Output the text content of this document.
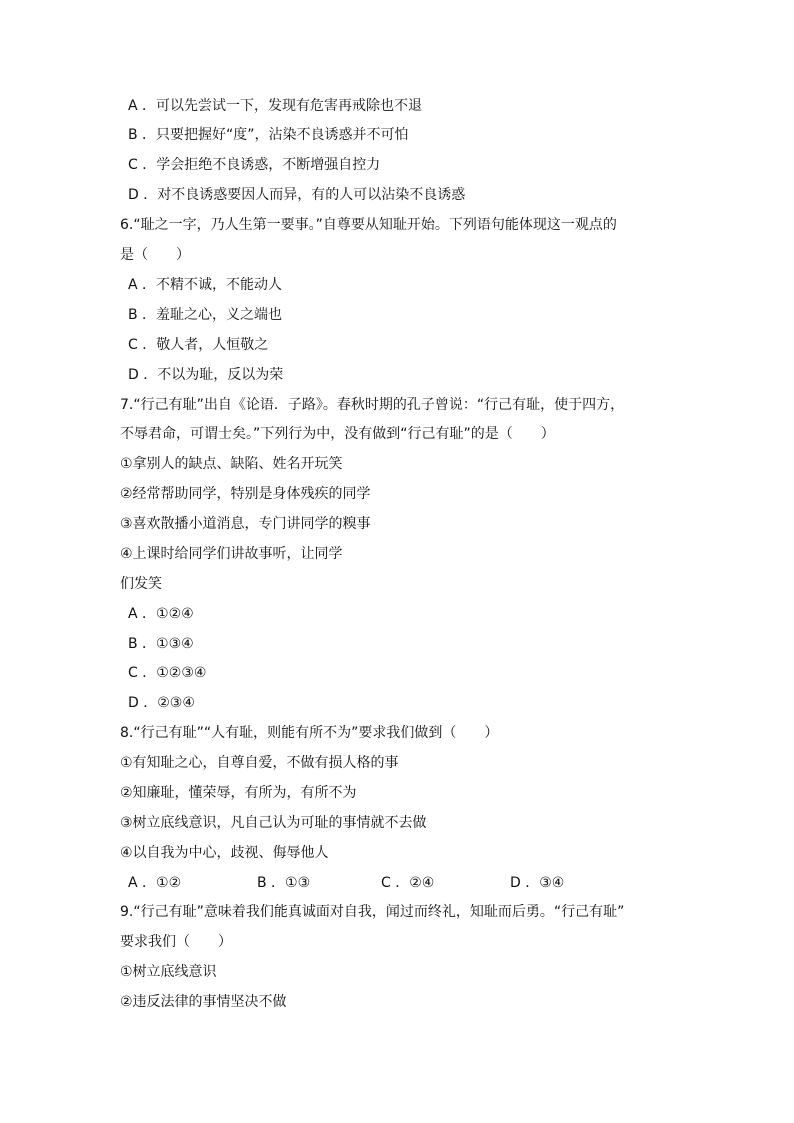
A ．可以先尝试一下，发现有危害再戒除也不退
B ．只要把握好“度”，沾染不良诱惑并不可怕
C ．学会拒绝不良诱惑，不断增强自控力
D ．对不良诱惑要因人而异，有的人可以沾染不良诱惑
6.“耻之一字，乃人生第一要事。”自尊要从知耻开始。下列语句能体现这一观点的
是（　　）
A ．不精不诚，不能动人
B ．羞耻之心，义之端也
C ．敬人者，人恒敬之
D ．不以为耻，反以为荣
7.“行己有耻”出自《论语．子路》。春秋时期的孔子曾说：“行己有耻，使于四方，
不辱君命，可谓士矣。”下列行为中，没有做到“行己有耻”的是（　　）
①拿别人的缺点、缺陷、姓名开玩笑
②经常帮助同学，特别是身体残疾的同学
③喜欢散播小道消息，专门讲同学的糗事
④上课时给同学们讲故事听，让同学
们发笑
A ．①②④
B ．①③④
C ．①②③④
D ．②③④
8.“行己有耻”“人有耻，则能有所不为”要求我们做到（　　）
①有知耻之心，自尊自爱，不做有损人格的事
②知廉耻，懂荣辱，有所为，有所不为
③树立底线意识，凡自己认为可耻的事情就不去做
④以自我为中心，歧视、侮辱他人
A ．①②	B ．①③	C ．②④	D ．③④
9.“行己有耻”意味着我们能真诚面对自我，闻过而终礼，知耻而后勇。“行己有耻”
要求我们（　　）
①树立底线意识
②违反法律的事情坚决不做
